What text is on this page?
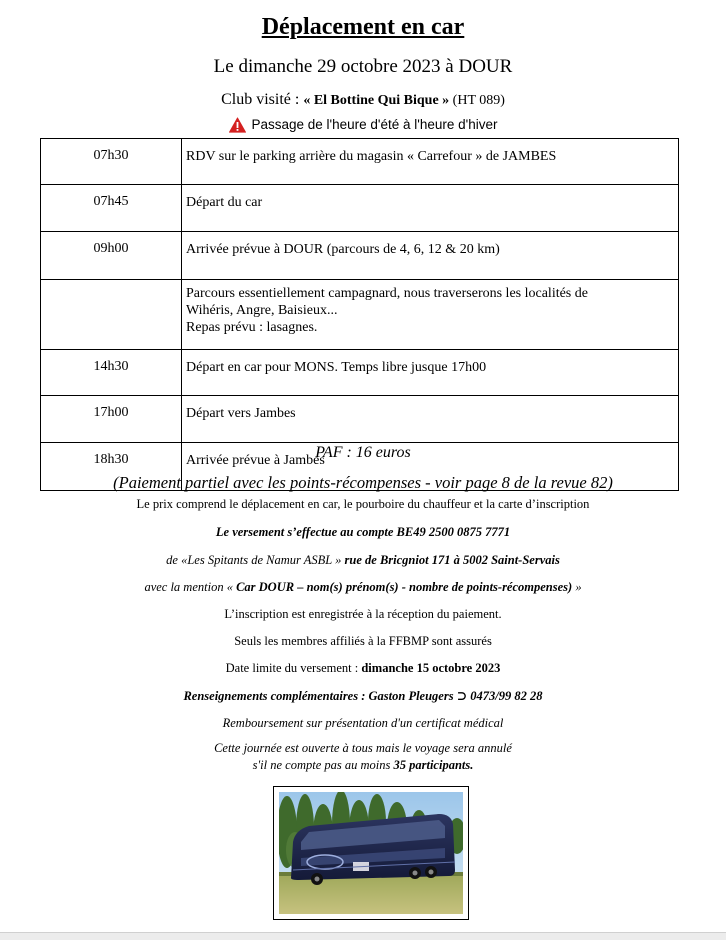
Déplacement en car
Le dimanche 29 octobre 2023 à DOUR
Club visité : « El Bottine Qui Bique » (HT 089)
Passage de l'heure d'été à l'heure d'hiver
07h30	RDV sur le parking arrière du magasin « Carrefour » de JAMBES
07h45	Départ du car
09h00	Arrivée prévue à DOUR (parcours de 4, 6, 12 & 20 km)
	Parcours essentiellement campagnard, nous traverserons les localités de
Wihéris, Angre, Baisieux...
Repas prévu : lasagnes.
14h30	Départ en car pour MONS. Temps libre jusque 17h00
17h00	Départ vers Jambes
18h30	Arrivée prévue à Jambes
PAF : 16 euros
(Paiement partiel avec les points-récompenses - voir page 8 de la revue 82)
Le prix comprend le déplacement en car, le pourboire du chauffeur et la carte d’inscription
Le versement s’effectue au compte BE49 2500 0875 7771
de «Les Spitants de Namur ASBL » rue de Bricgniot 171 à 5002 Saint-Servais
avec la mention « Car DOUR – nom(s) prénom(s) - nombre de points-récompenses) »
L’inscription est enregistrée à la réception du paiement.
Seuls les membres affiliés à la FFBMP sont assurés
Date limite du versement : dimanche 15 octobre 2023
Renseignements complémentaires : Gaston Pleugers ⊃ 0473/99 82 28
Remboursement sur présentation d'un certificat médical
Cette journée est ouverte à tous mais le voyage sera annulé
s'il ne compte pas au moins 35 participants.
